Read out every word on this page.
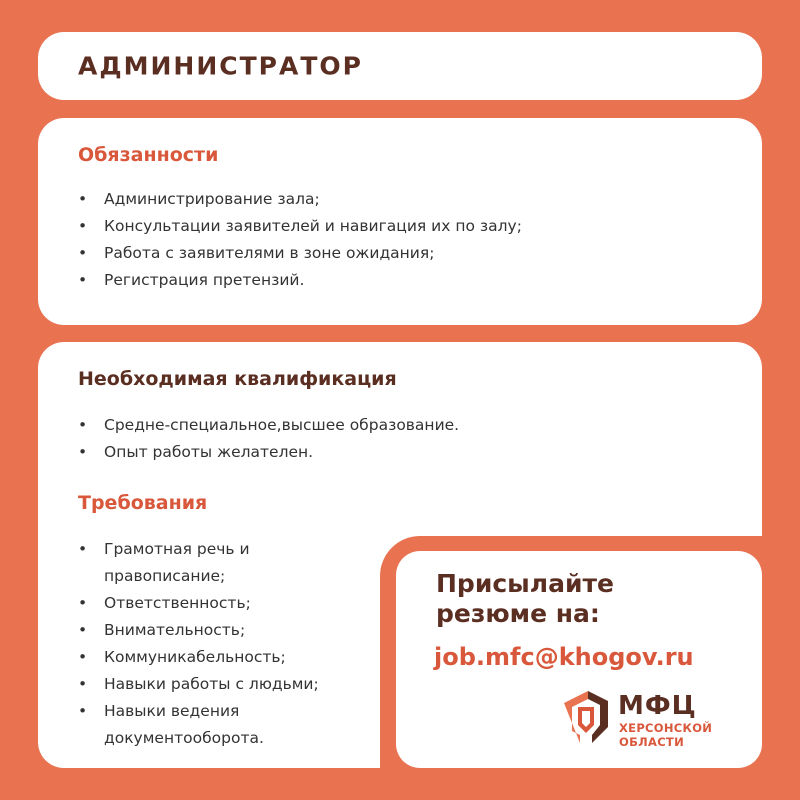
АДМИНИСТРАТОР
Обязанности
• Администрирование зала;
• Консультации заявителей и навигация их по залу;
• Работа с заявителями в зоне ожидания;
• Регистрация претензий.
Необходимая квалификация
• Средне-специальное,высшее образование.
• Опыт работы желателен.
Требования
• Грамотная речь и правописание;
• Ответственность;
• Внимательность;
• Коммуникабельность;
• Навыки работы с людьми;
• Навыки ведения документооборота.

Присылайте резюме на:

job.mfc@khogov.ru

МФЦ
ХЕРСОНСКОЙ
ОБЛАСТИ
